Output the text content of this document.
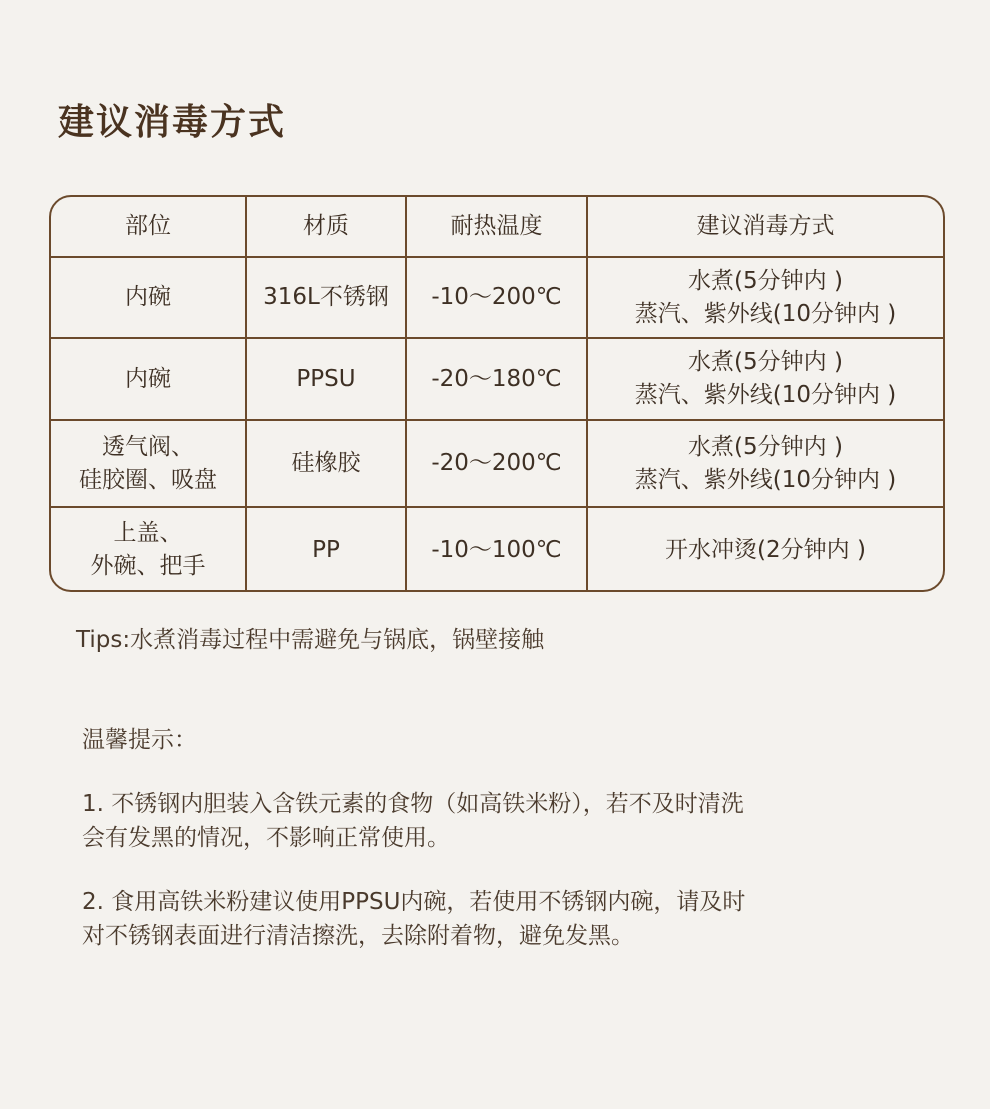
建议消毒方式
部位	材质	耐热温度	建议消毒方式

内碗	316L不锈钢	-10～200℃	水煮(5分钟内 )
蒸汽、紫外线(10分钟内 )

内碗	PPSU	-20～180℃	水煮(5分钟内 )
蒸汽、紫外线(10分钟内 )

透气阀、
硅胶圈、吸盘	硅橡胶	-20～200℃	水煮(5分钟内 )
蒸汽、紫外线(10分钟内 )

上盖、
外碗、把手	PP	-10～100℃	开水冲烫(2分钟内 )

Tips:水煮消毒过程中需避免与锅底，锅壁接触

温馨提示：

1. 不锈钢内胆装入含铁元素的食物（如高铁米粉），若不及时清洗
会有发黑的情况，不影响正常使用。

2. 食用高铁米粉建议使用PPSU内碗，若使用不锈钢内碗，请及时
对不锈钢表面进行清洁擦洗，去除附着物，避免发黑。
